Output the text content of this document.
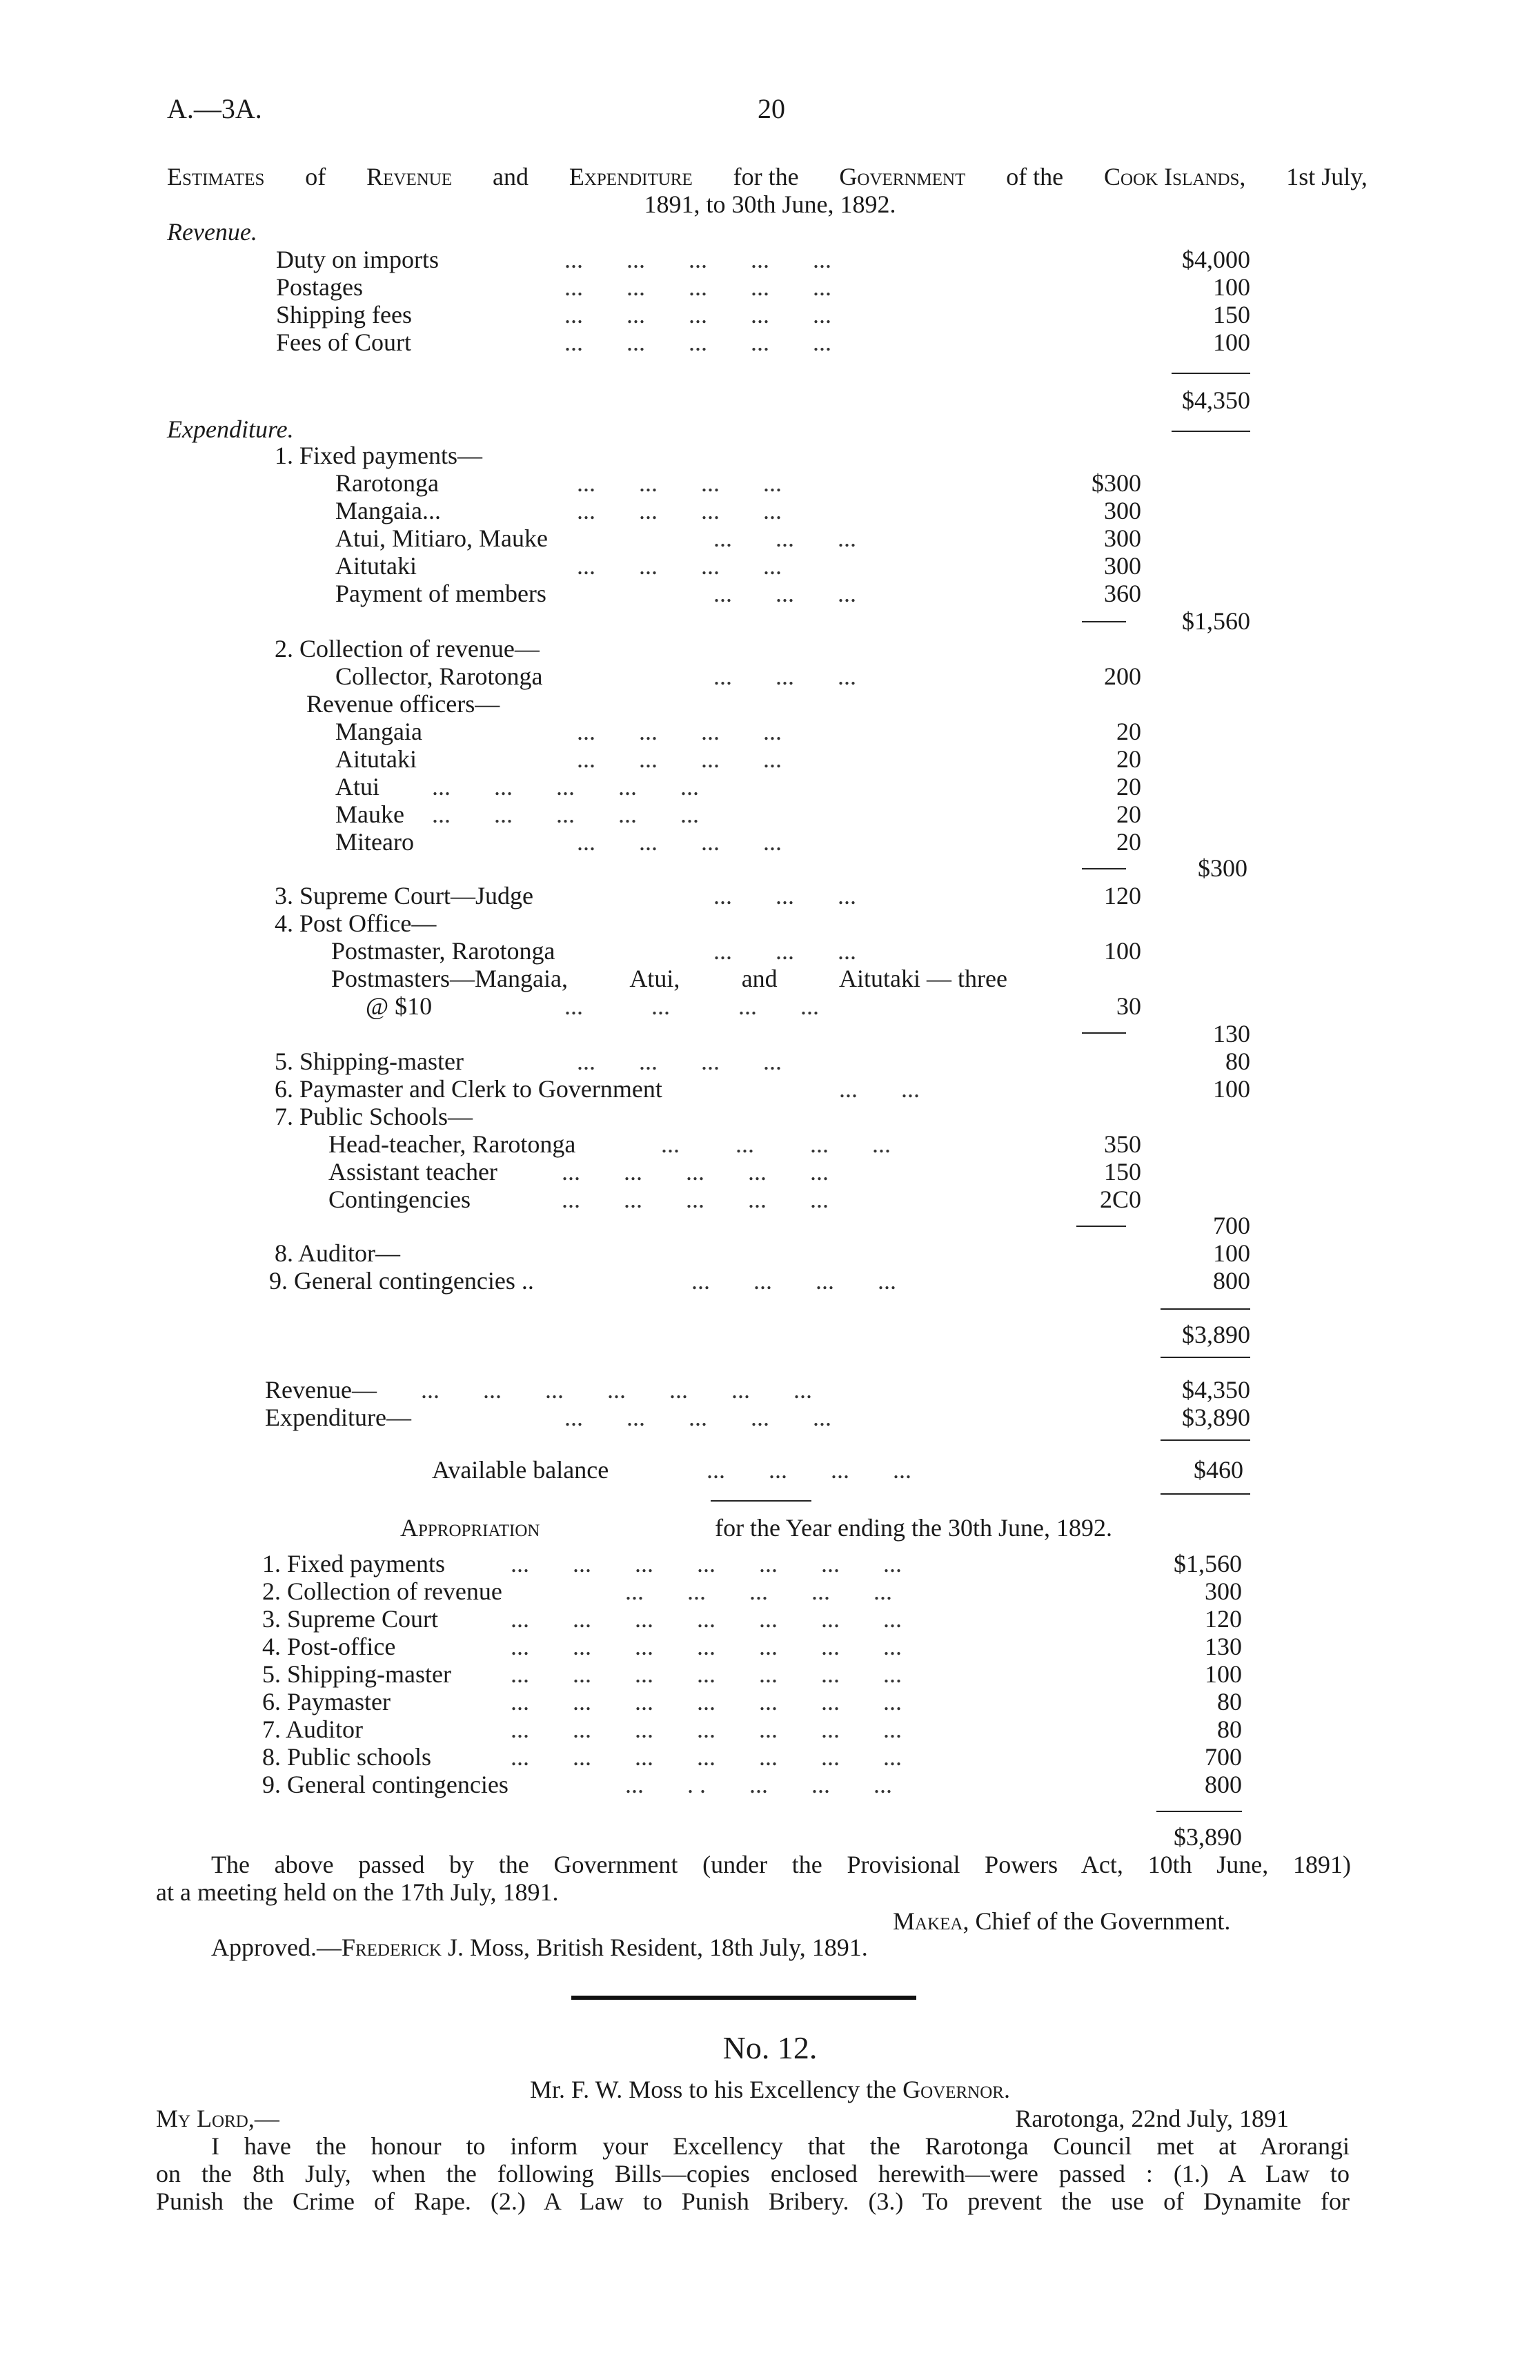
A.—3A.	20
Estimates of Revenue and Expenditure for the Government of the Cook Islands, 1st July,
1891, to 30th June, 1892.
Revenue.
Duty on imports	...       ...       ...       ...       ...	$4,000
Postages	...       ...       ...       ...       ...	100
Shipping fees	...       ...       ...       ...       ...	150
Fees of Court	...       ...       ...       ...       ...	100
$4,350
Expenditure.
1. Fixed payments—
Rarotonga	...       ...       ...       ...	$300
Mangaia...	...       ...       ...       ...	300
Atui, Mitiaro, Mauke	...       ...       ...	300
Aitutaki	...       ...       ...       ...	300
Payment of members	...       ...       ...	360
$1,560
2. Collection of revenue—
Collector, Rarotonga	...       ...       ...	200
Revenue officers—
Mangaia	...       ...       ...       ...	20
Aitutaki	...       ...       ...       ...	20
Atui ...       ...       ...       ...       ...	20
Mauke ...       ...       ...       ...       ...	20
Mitearo	...       ...       ...       ...	20
$300
3. Supreme Court—Judge	...       ...       ...	120
4. Post Office—
Postmaster, Rarotonga	...       ...       ...	100
Postmasters—Mangaia, Atui, and Aitutaki — three
@ $10	...           ...           ...       ...	30
130
5. Shipping-master	...       ...       ...       ...	80
6. Paymaster and Clerk to Government	...       ...	100
7. Public Schools—
Head-teacher, Rarotonga	...         ...         ...       ...	350
Assistant teacher	...       ...       ...       ...       ...	150
Contingencies	...       ...       ...       ...       ...	2C0
700
8. Auditor—	100
9. General contingencies ..	...       ...       ...       ...	800
$3,890
Revenue— ...       ...       ...       ...       ...       ...       ...	$4,350
Expenditure—	...       ...       ...       ...       ...	$3,890
Available balance	...       ...       ...       ...	$460
Appropriation	for the Year ending the 30th June, 1892.
1. Fixed payments	...       ...       ...       ...       ...       ...       ...	$1,560
2. Collection of revenue	...       ...       ...       ...       ...	300
3. Supreme Court	...       ...       ...       ...       ...       ...       ...	120
4. Post-office	...       ...       ...       ...       ...       ...       ...	130
5. Shipping-master ...       ...       ...       ...       ...       ...       ...	100
6. Paymaster	...       ...       ...       ...       ...       ...       ...	80
7. Auditor	...       ...       ...       ...       ...       ...       ...	80
8. Public schools	...       ...       ...       ...       ...       ...       ...	700
9. General contingencies	...       . .       ...       ...       ...	800
$3,890
The above passed by the Government (under the Provisional Powers Act, 10th June, 1891)
at a meeting held on the 17th July, 1891.
Makea, Chief of the Government.
Approved.—Frederick J. Moss, British Resident, 18th July, 1891.
No. 12.
Mr. F. W. Moss to his Excellency the Governor.
My Lord,—	Rarotonga, 22nd July, 1891
I have the honour to inform your Excellency that the Rarotonga Council met at Arorangi
on the 8th July, when the following Bills—copies enclosed herewith—were passed : (1.) A Law to
Punish the Crime of Rape. (2.) A Law to Punish Bribery. (3.) To prevent the use of Dynamite for
